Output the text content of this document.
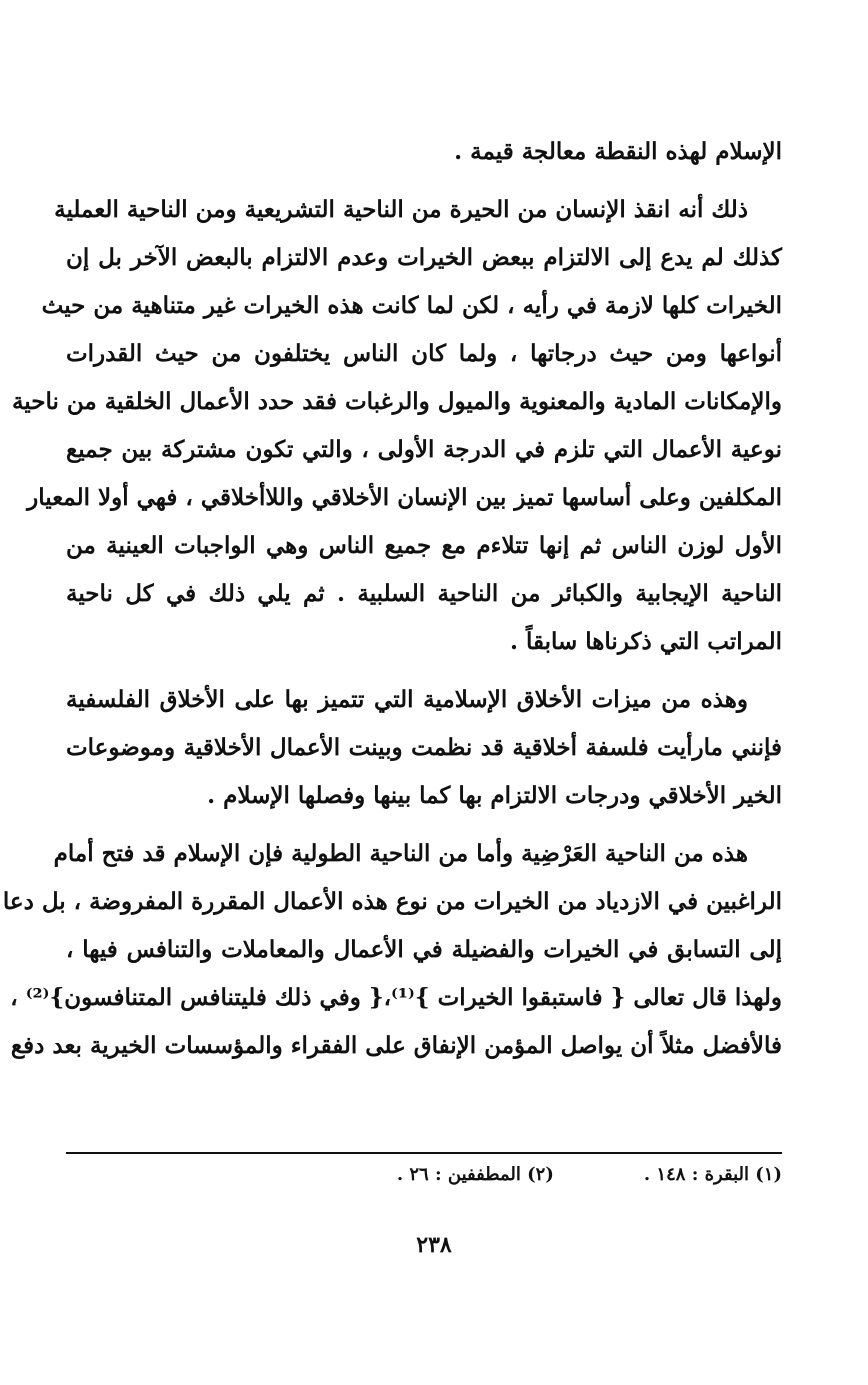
الإسلام لهذه النقطة معالجة قيمة .

ذلك أنه انقذ الإنسان من الحيرة من الناحية التشريعية ومن الناحية العملية
كذلك لم يدع إلى الالتزام ببعض الخيرات وعدم الالتزام بالبعض الآخر بل إن
الخيرات كلها لازمة في رأيه ، لكن لما كانت هذه الخيرات غير متناهية من حيث
أنواعها ومن حيث درجاتها ، ولما كان الناس يختلفون من حيث القدرات
والإمكانات المادية والمعنوية والميول والرغبات فقد حدد الأعمال الخلقية من ناحية
نوعية الأعمال التي تلزم في الدرجة الأولى ، والتي تكون مشتركة بين جميع
المكلفين وعلى أساسها تميز بين الإنسان الأخلاقي واللاأخلاقي ، فهي أولا المعيار
الأول لوزن الناس ثم إنها تتلاءم مع جميع الناس وهي الواجبات العينية من
الناحية الإيجابية والكبائر من الناحية السلبية . ثم يلي ذلك في كل ناحية
المراتب التي ذكرناها سابقاً .

وهذه من ميزات الأخلاق الإسلامية التي تتميز بها على الأخلاق الفلسفية
فإنني مارأيت فلسفة أخلاقية قد نظمت وبينت الأعمال الأخلاقية وموضوعات
الخير الأخلاقي ودرجات الالتزام بها كما بينها وفصلها الإسلام .

هذه من الناحية العَرْضِية وأما من الناحية الطولية فإن الإسلام قد فتح أمام
الراغبين في الازدياد من الخيرات من نوع هذه الأعمال المقررة المفروضة ، بل دعا
إلى التسابق في الخيرات والفضيلة في الأعمال والمعاملات والتنافس فيها ،
ولهذا قال تعالى { فاستبقوا الخيرات }⁽¹⁾،{ وفي ذلك فليتنافس المتنافسون}⁽²⁾ ،
فالأفضل مثلاً أن يواصل المؤمن الإنفاق على الفقراء والمؤسسات الخيرية بعد دفع

(١) البقرة : ١٤٨ .
(٢) المطففين : ٢٦ .
٢٣٨
